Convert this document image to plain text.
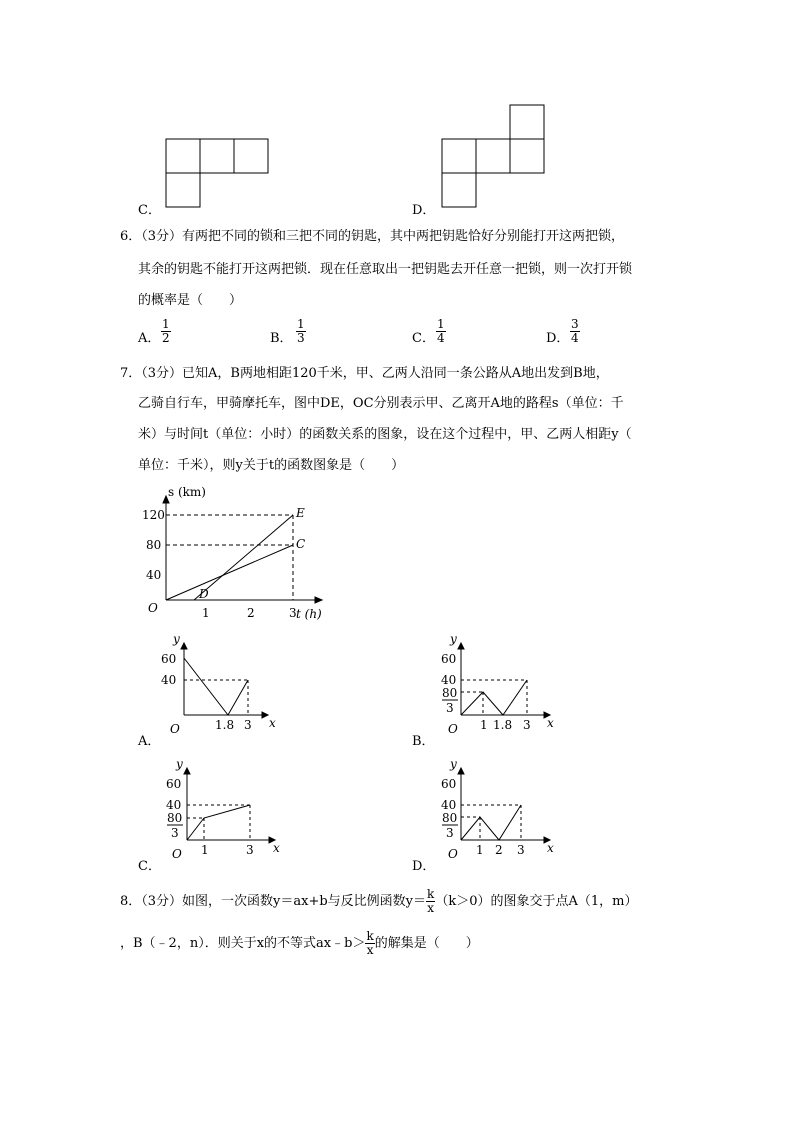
C．	D．
6．（3分）有两把不同的锁和三把不同的钥匙，其中两把钥匙恰好分别能打开这两把锁，
其余的钥匙不能打开这两把锁．现在任意取出一把钥匙去开任意一把锁，则一次打开锁
的概率是（　　）
A． $\frac{1}{2}$	B． $\frac{1}{3}$	C． $\frac{1}{4}$	D． $\frac{3}{4}$
7．（3分）已知A，B两地相距120千米，甲、乙两人沿同一条公路从A地出发到B地，
乙骑自行车，甲骑摩托车，图中DE，OC分别表示甲、乙离开A地的路程s（单位：千
米）与时间t（单位：小时）的函数关系的图象，设在这个过程中，甲、乙两人相距y（
单位：千米），则y关于t的函数图象是（　　）
s (km)
t (h)
O
120
80
40
1	2	3
D
E
C
y
x
O
60
40
1.8 3
y
x
O
60
40
80
3
1 1.8 3
y
x
O
60
40
80
3
1	3
y
x
O
60
40
80
3
1 2 3
A．	B．
C．	D．
8．（3分）如图，一次函数y＝ax+b与反比例函数$y= \frac{k}{x} (k>0)$的图象交于点A（1，m）
，B（﹣2，n）．则关于x的不等式ax﹣b＞ $\frac{k}{x}$ 的解集是（　　）
